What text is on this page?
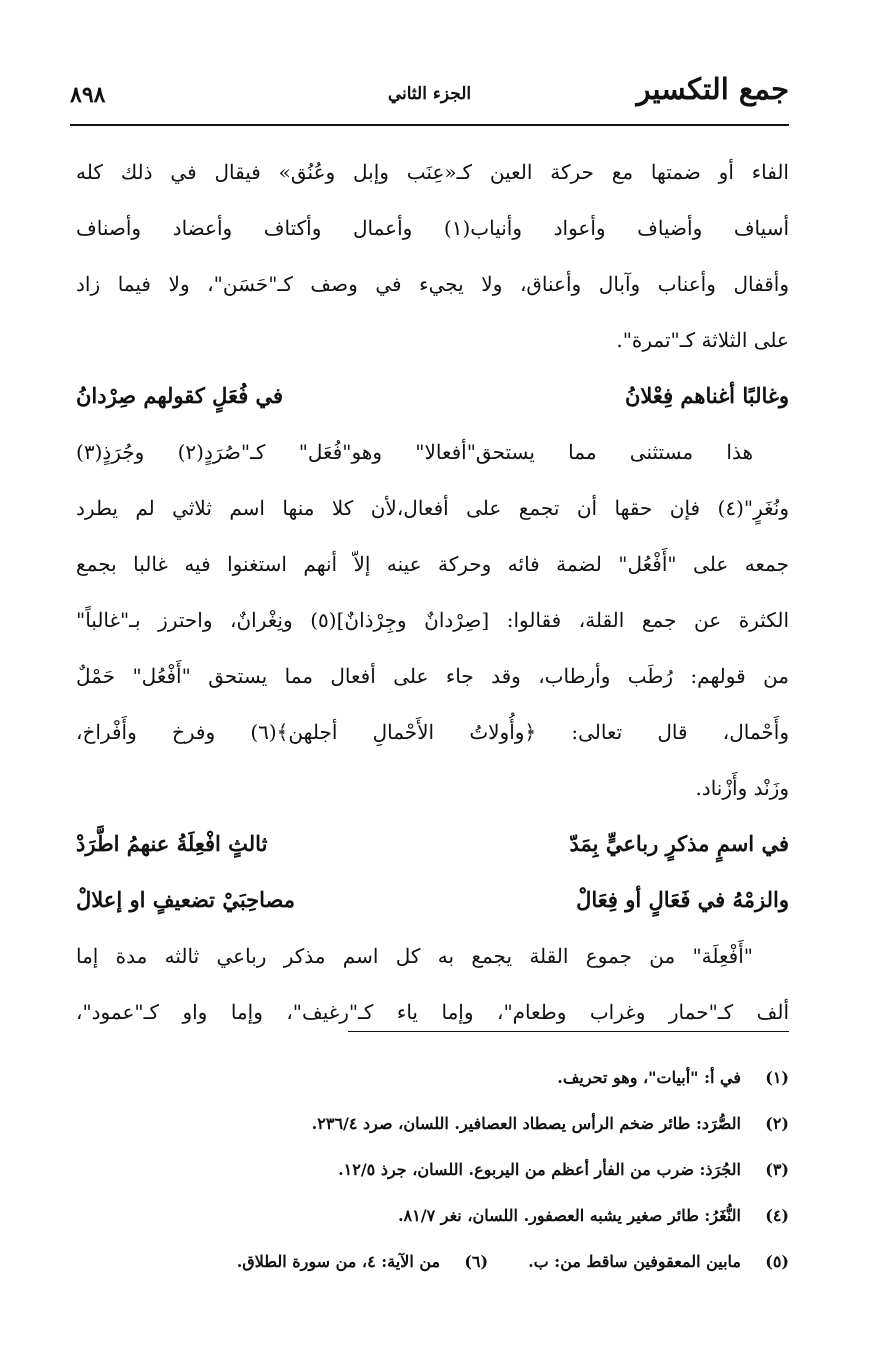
جمع التكسير
الجزء الثاني
٨٩٨
الفاء أو ضمتها مع حركة العين كـ«عِنَب وإبل وعُنُق» فيقال في ذلك كله
أسياف وأضياف وأعواد وأنياب(١) وأعمال وأكتاف وأعضاد وأصناف
وأقفال وأعناب وآبال وأعناق، ولا يجيء في وصف كـ"حَسَن"، ولا فيما زاد
على الثلاثة كـ"تمرة".
وغالبًا أغناهم فِعْلانُ
في فُعَلٍ كقولهم صِرْدانُ
هذا مستثنى مما يستحق"أفعالا" وهو"فُعَل" كـ"صُرَدٍ(٢) وجُرَذٍ(٣)
ونُغَرٍ"(٤) فإن حقها أن تجمع على أفعال،لأن كلا منها اسم ثلاثي لم يطرد
جمعه على "أَفْعُل" لضمة فائه وحركة عينه إلاّ أنهم استغنوا فيه غالبا بجمع
الكثرة عن جمع القلة، فقالوا: [صِرْدانٌ وجِرْذانٌ](٥) ونِغْرانٌ، واحترز بـ"غالباً"
من قولهم: رُطَب وأرطاب، وقد جاء على أفعال مما يستحق "أَفْعُل" حَمْلٌ
وأَحْمال، قال تعالى: ﴿وأُولاتُ الأَحْمالِ أجلهن﴾(٦) وفرخ وأَفْراخ،
وزَنْد وأَزْناد.
في اسمٍ مذكرٍ رباعيٍّ بِمَدّ
ثالثٍ افْعِلَةُ عنهمُ اطَّرَدْ
والزمْهُ في فَعَالٍ أو فِعَالْ
مصاحِبَيْ تضعيفٍ او إعلالْ
"أَفْعِلَة" من جموع القلة يجمع به كل اسم مذكر رباعي ثالثه مدة إما
ألف كـ"حمار وغراب وطعام"، وإما ياء كـ"رغيف"، وإما واو كـ"عمود"،
(١)
في أ: "أبيات"، وهو تحريف.
(٢)
الصُّرَد: طائر ضخم الرأس يصطاد العصافير. اللسان، صرد ٢٣٦/٤.
(٣)
الجُرَذ: ضرب من الفأر أعظم من اليربوع. اللسان، جرذ ١٢/٥.
(٤)
النُّغَرُ: طائر صغير يشبه العصفور. اللسان، نغر ٨١/٧.
(٥)
مابين المعقوفين ساقط من: ب.
(٦)
من الآية: ٤، من سورة الطلاق.
